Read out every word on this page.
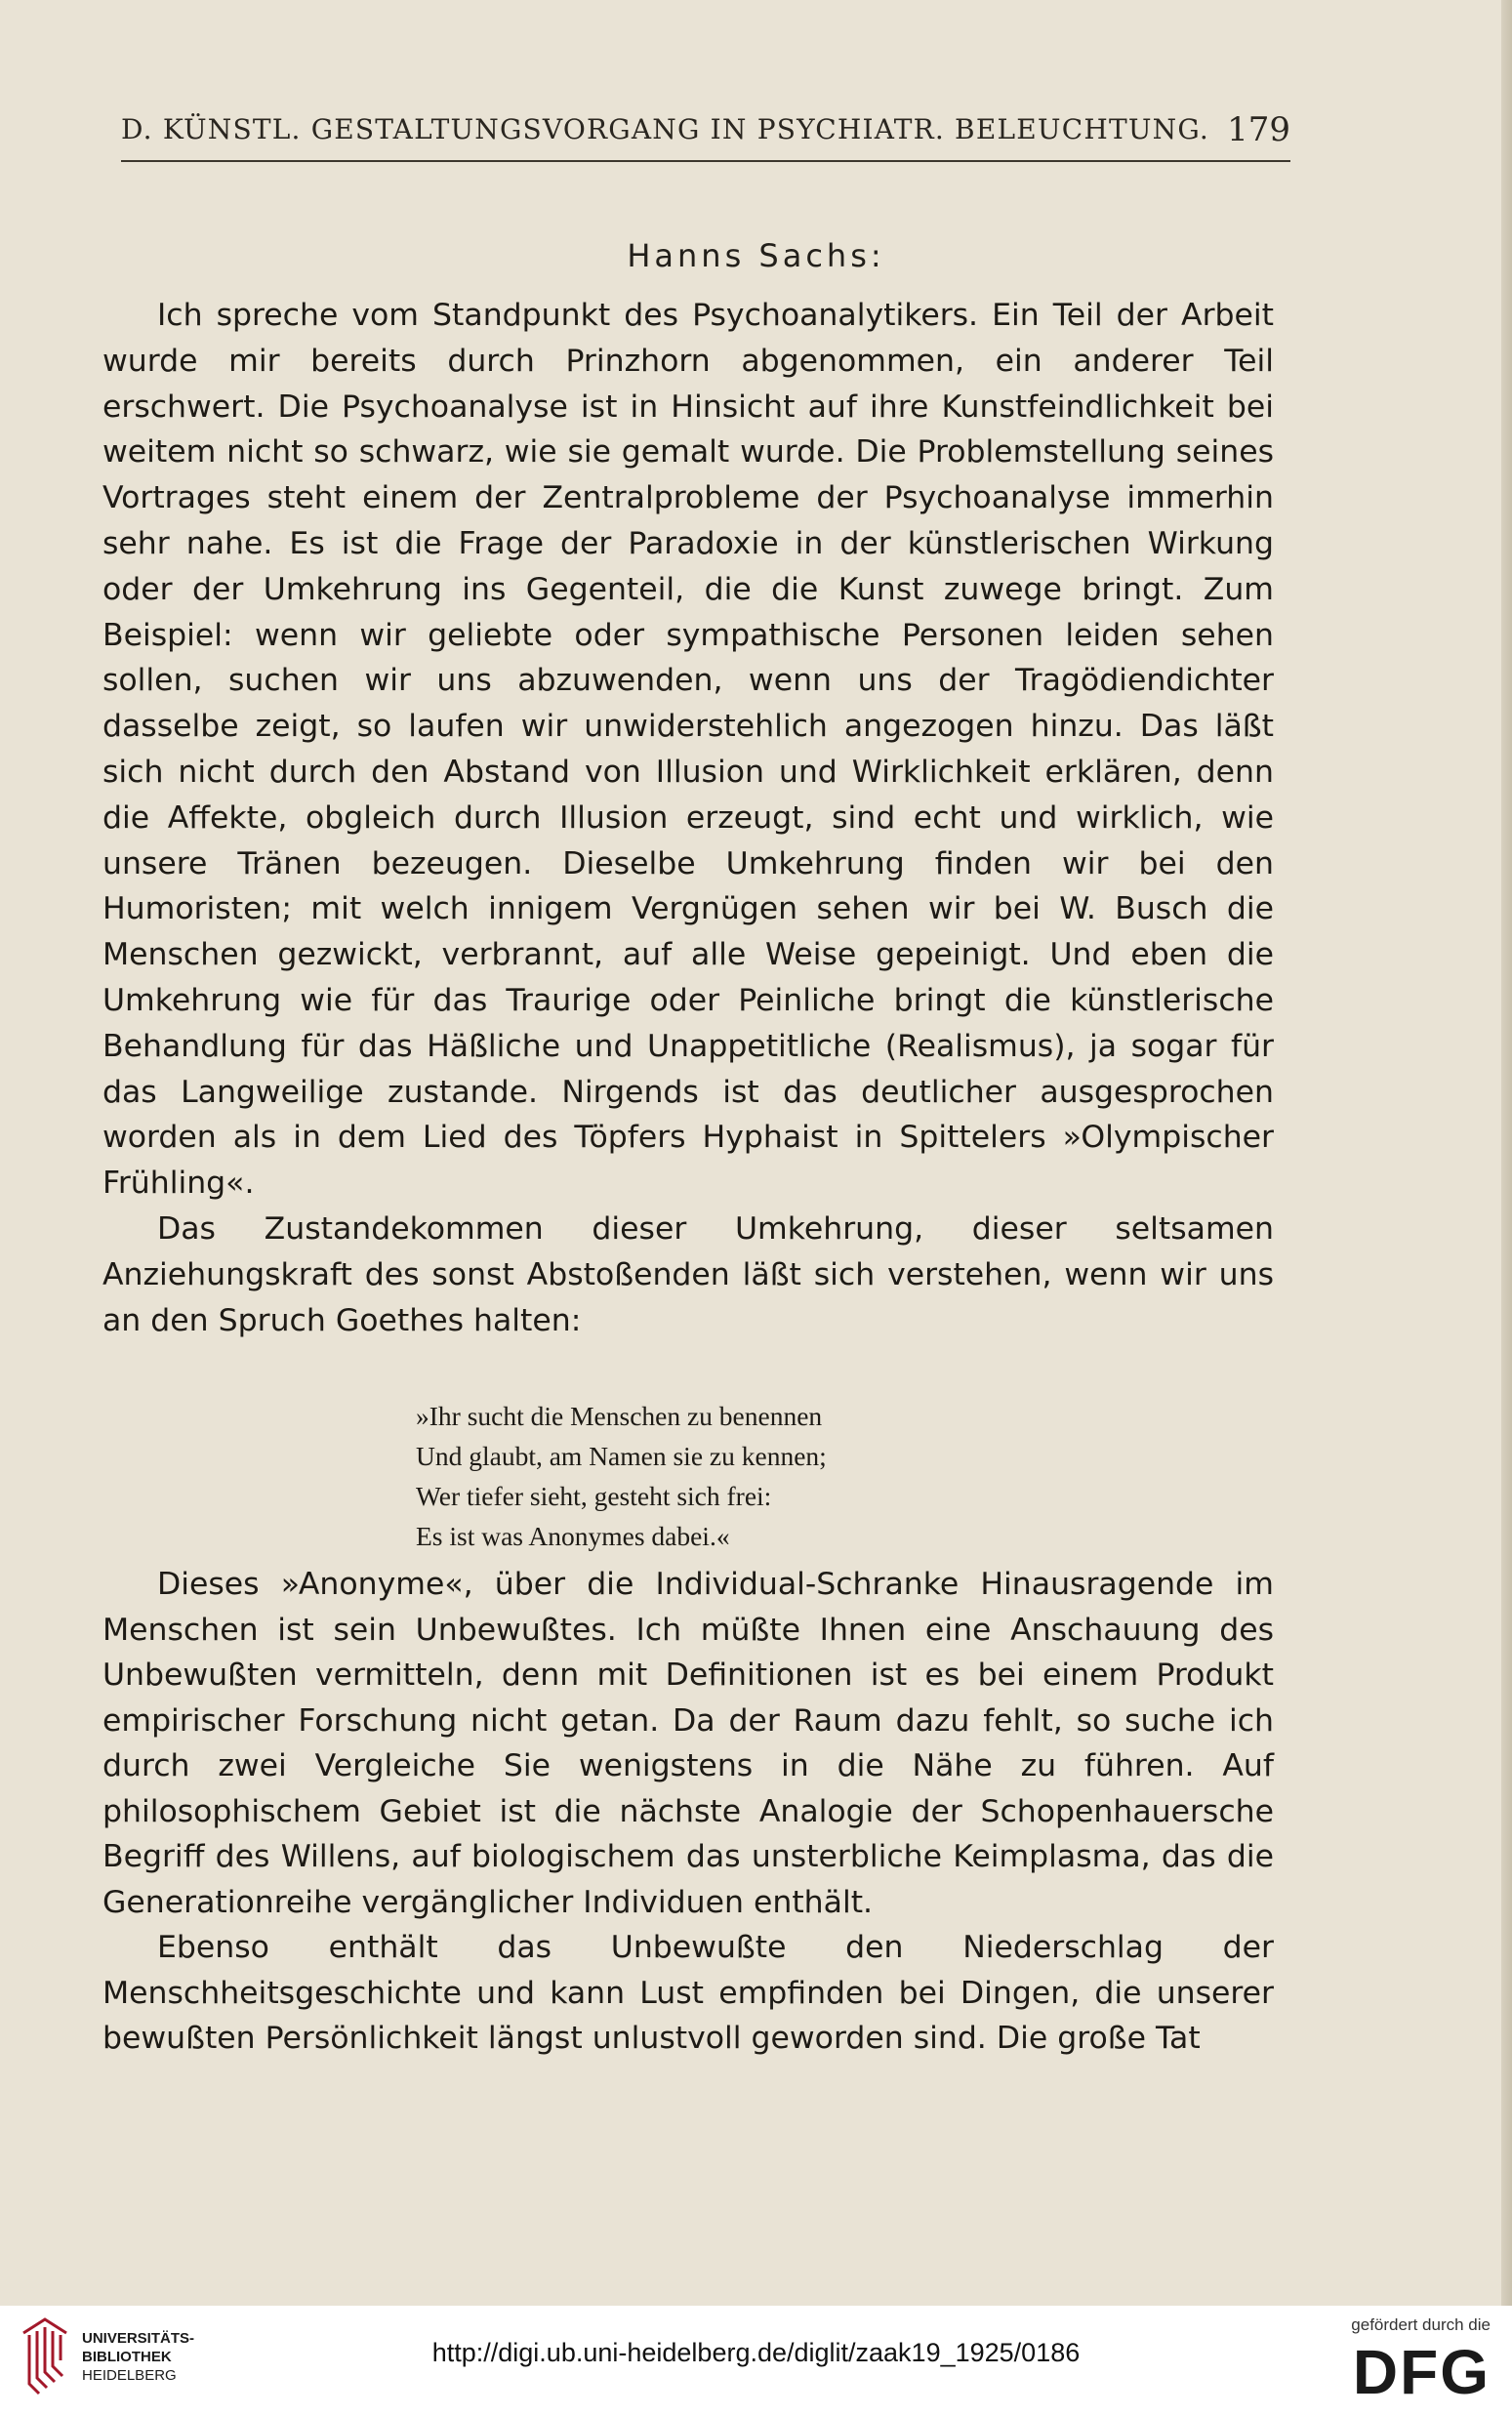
D. KÜNSTL. GESTALTUNGSVORGANG IN PSYCHIATR. BELEUCHTUNG. 179
Hanns Sachs:

Ich spreche vom Standpunkt des Psychoanalytikers. Ein Teil der Arbeit wurde mir bereits durch Prinzhorn abgenommen, ein anderer Teil erschwert. Die Psychoanalyse ist in Hinsicht auf ihre Kunstfeindlichkeit bei weitem nicht so schwarz, wie sie gemalt wurde. Die Problemstellung seines Vortrages steht einem der Zentralprobleme der Psychoanalyse immerhin sehr nahe. Es ist die Frage der Paradoxie in der künstlerischen Wirkung oder der Umkehrung ins Gegenteil, die die Kunst zuwege bringt. Zum Beispiel: wenn wir geliebte oder sympathische Personen leiden sehen sollen, suchen wir uns abzuwenden, wenn uns der Tragödiendichter dasselbe zeigt, so laufen wir unwiderstehlich angezogen hinzu. Das läßt sich nicht durch den Abstand von Illusion und Wirklichkeit erklären, denn die Affekte, obgleich durch Illusion erzeugt, sind echt und wirklich, wie unsere Tränen bezeugen. Dieselbe Umkehrung finden wir bei den Humoristen; mit welch innigem Vergnügen sehen wir bei W. Busch die Menschen gezwickt, verbrannt, auf alle Weise gepeinigt. Und eben die Umkehrung wie für das Traurige oder Peinliche bringt die künstlerische Behandlung für das Häßliche und Unappetitliche (Realismus), ja sogar für das Langweilige zustande. Nirgends ist das deutlicher ausgesprochen worden als in dem Lied des Töpfers Hyphaist in Spittelers »Olympischer Frühling«.

Das Zustandekommen dieser Umkehrung, dieser seltsamen Anziehungskraft des sonst Abstoßenden läßt sich verstehen, wenn wir uns an den Spruch Goethes halten:

»Ihr sucht die Menschen zu benennen
Und glaubt, am Namen sie zu kennen;
Wer tiefer sieht, gesteht sich frei:
Es ist was Anonymes dabei.«

Dieses »Anonyme«, über die Individual-Schranke Hinausragende im Menschen ist sein Unbewußtes. Ich müßte Ihnen eine Anschauung des Unbewußten vermitteln, denn mit Definitionen ist es bei einem Produkt empirischer Forschung nicht getan. Da der Raum dazu fehlt, so suche ich durch zwei Vergleiche Sie wenigstens in die Nähe zu führen. Auf philosophischem Gebiet ist die nächste Analogie der Schopenhauersche Begriff des Willens, auf biologischem das unsterbliche Keimplasma, das die Generationreihe vergänglicher Individuen enthält.

Ebenso enthält das Unbewußte den Niederschlag der Menschheitsgeschichte und kann Lust empfinden bei Dingen, die unserer bewußten Persönlichkeit längst unlustvoll geworden sind. Die große Tat

UNIVERSITÄTS-
BIBLIOTHEK
HEIDELBERG
http://digi.ub.uni-heidelberg.de/diglit/zaak19_1925/0186
gefördert durch die
DFG
